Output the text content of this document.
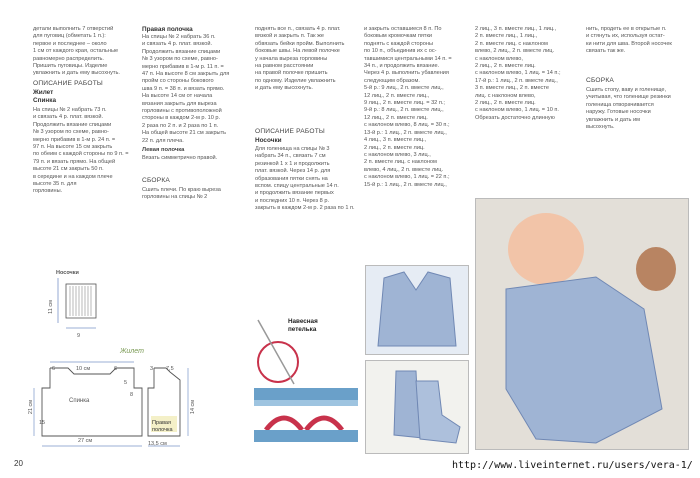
детали выполнить 7 отверстий
для пуговиц (обметать 1 п.):
первое и последнее – около
1 см от каждого края, остальные
равномерно распределить.
Пришить пуговицы. Изделие
увлажнить и дать ему высохнуть.
ОПИСАНИЕ РАБОТЫ
Жилет
Спинка
На спицы № 2 набрать 73 п.
и связать 4 р. плат. вязкой.
Продолжить вязание спицами
№ 3 узором по схеме, равно-
мерно прибавив в 1-м р. 24 п. =
97 п. На высоте 15 см закрыть
по обеим с каждой стороны по 9 п. =
79 п. и вязать прямо. На общей
высоте 21 см закрыть 50 п.
в середине и на каждом плече
высоте 35 п. для
горловины.
Правая полочка
На спицы № 2 набрать 36 п.
и связать 4 р. плат. вязкой.
Продолжить вязание спицами
№ 3 узором по схеме, равно-
мерно прибавив в 1-м р. 11 п. =
47 п. На высоте 8 см закрыть для
пройм со стороны бокового
шва 9 п. = 38 п. и вязать прямо.
На высоте 14 см от начала
вязания закрыть для выреза
горловины с противоположной
стороны в каждом 2-м р. 10 р.
2 раза по 2 п. и 2 раза по 1 п.
На общей высоте 21 см закрыть
22 п. для плеча.
Левая полочка
Вязать симметрично правой.
СБОРКА
Сшить плечи. По краю выреза
горловины на спицы № 2
поднять все п., связать 4 р. плат.
вязкой и закрыть п. Так же
обвязать бейки пройм. Выполнить
боковые швы. На левой полочке
у начала выреза горловины
на равном расстоянии
на правой полочке пришить
по одному. Изделие увлажнить
и дать ему высохнуть.
ОПИСАНИЕ РАБОТЫ
Носочки
Для голенища на спицы № 3
набрать 34 п., связать 7 см
резинкой 1 х 1 и продолжить
плат. вязкой. Через 14 р. для
образования пятки снять на
вспом. спицу центральные 14 п.
и продолжить вязание первых
и последних 10 п. Через 8 р.
закрыть в каждом 2-м р. 2 раза по 1 п.
и закрыть оставшиеся 8 п. По
боковым кромочкам пятки
поднять с каждой стороны
по 10 п., объединив их с ос-
тавшимися центральными 14 п. =
34 п., и продолжить вязание.
Через 4 р. выполнить убавления
следующим образом.
5-й р.: 9 лиц., 2 п. вместе лиц.,
12 лиц., 2 п. вместе лиц.,
9 лиц., 2 п. вместе лиц. = 32 п.;
9-й р.: 8 лиц., 2 п. вместе лиц.,
12 лиц., 2 п. вместе лиц.
с наклоном влево, 8 лиц. = 30 п.;
13-й р.: 1 лиц., 2 п. вместе лиц.,
4 лиц., 3 п. вместе лиц.,
2 лиц., 2 п. вместе лиц.
с наклоном влево, 3 лиц.,
2 п. вместе лиц. с наклоном
влево, 4 лиц., 2 п. вместе лиц.
с наклоном влево, 1 лиц. = 22 п.;
15-й р.: 1 лиц., 2 п. вместе лиц.,
2 лиц., 3 п. вместе лиц., 1 лиц.,
2 п. вместе лиц., 1 лиц.,
2 п. вместе лиц. с наклоном
влево, 2 лиц., 2 п. вместе лиц.
с наклоном влево,
2 лиц., 2 п. вместе лиц.
с наклоном влево, 1 лиц. = 14 п.;
17-й р.: 1 лиц., 2 п. вместе лиц.,
3 п. вместе лиц., 2 п. вместе
лиц. с наклоном влево,
2 лиц., 2 п. вместе лиц.
с наклоном влево, 1 лиц. = 10 п.
Обрезать достаточно длинную
нить, продеть ее в открытые п.
и стянуть их, используя остат-
ки нити для шва. Второй носочек
связать так же.
СБОРКА
Сшить стопу, ваву и голенище,
учитывая, что голенище резинки
голенища отворачивается
наружу. Готовые носочки
увлажнить и дать им
высохнуть.
Носочки
11 см
9
Жилет
6	10 см	6
5
Спинка
21 см
15
27 см
3 7,5
Правая
полочка
14 см
13,5 см
8
Навесная
петелька
20	http://www.liveinternet.ru/users/vera-1/
